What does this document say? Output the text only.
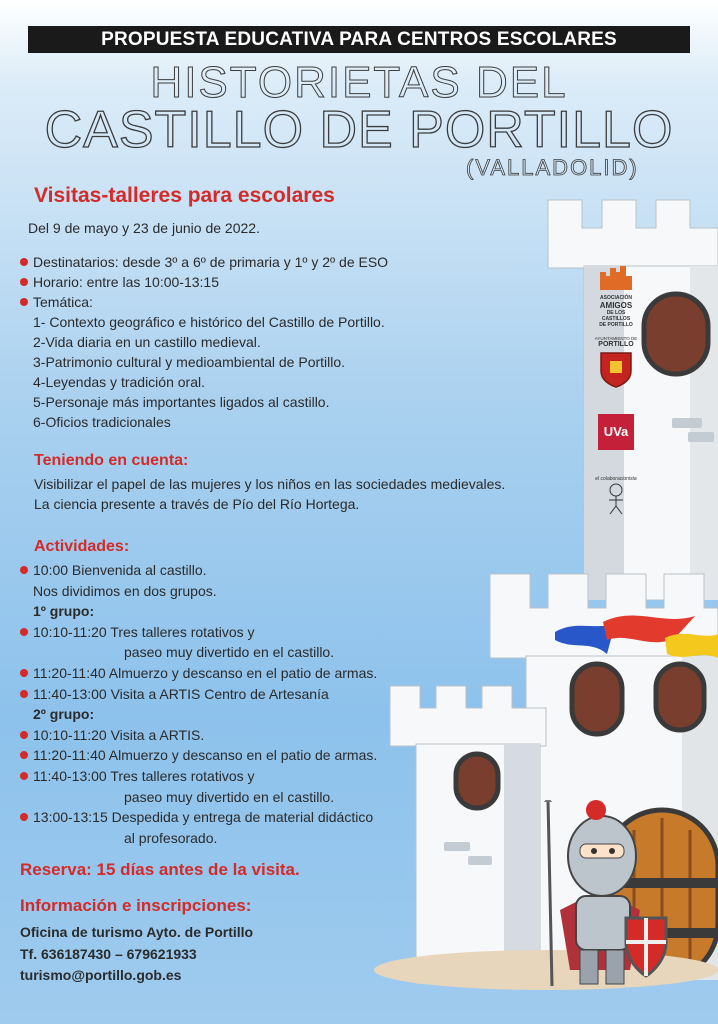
PROPUESTA EDUCATIVA PARA CENTROS ESCOLARES
HISTORIETAS DEL
CASTILLO DE PORTILLO
(VALLADOLID)
ASOCIACIÓN
AMIGOS
DE LOS CASTILLOS
DE PORTILLO
AYUNTAMIENTO DE
PORTILLO
UVa
el colaboracionista
Visitas-talleres para escolares
Del 9 de mayo y 23 de junio de 2022.
Destinatarios: desde 3º a 6º de primaria y 1º y 2º de ESO
Horario: entre las 10:00-13:15
Temática:
1- Contexto geográfico e histórico del Castillo de Portillo.
2-Vida diaria en un castillo medieval.
3-Patrimonio cultural y medioambiental de Portillo.
4-Leyendas y tradición oral.
5-Personaje más importantes ligados al castillo.
6-Oficios tradicionales
Teniendo en cuenta:
Visibilizar el papel de las mujeres y los niños en las sociedades medievales.
La ciencia presente a través de Pío del Río Hortega.
Actividades:
10:00 Bienvenida al castillo.
Nos dividimos en dos grupos.
1º grupo:
10:10-11:20 Tres talleres rotativos y
paseo muy divertido en el castillo.
11:20-11:40 Almuerzo y descanso en el patio de armas.
11:40-13:00 Visita a ARTIS Centro de Artesanía
2º grupo:
10:10-11:20 Visita a ARTIS.
11:20-11:40 Almuerzo y descanso en el patio de armas.
11:40-13:00 Tres talleres rotativos y
paseo muy divertido en el castillo.
13:00-13:15 Despedida y entrega de material didáctico
al profesorado.
Reserva: 15 días antes de la visita.
Información e inscripciones:
Oficina de turismo Ayto. de Portillo
Tf. 636187430 – 679621933
turismo@portillo.gob.es
